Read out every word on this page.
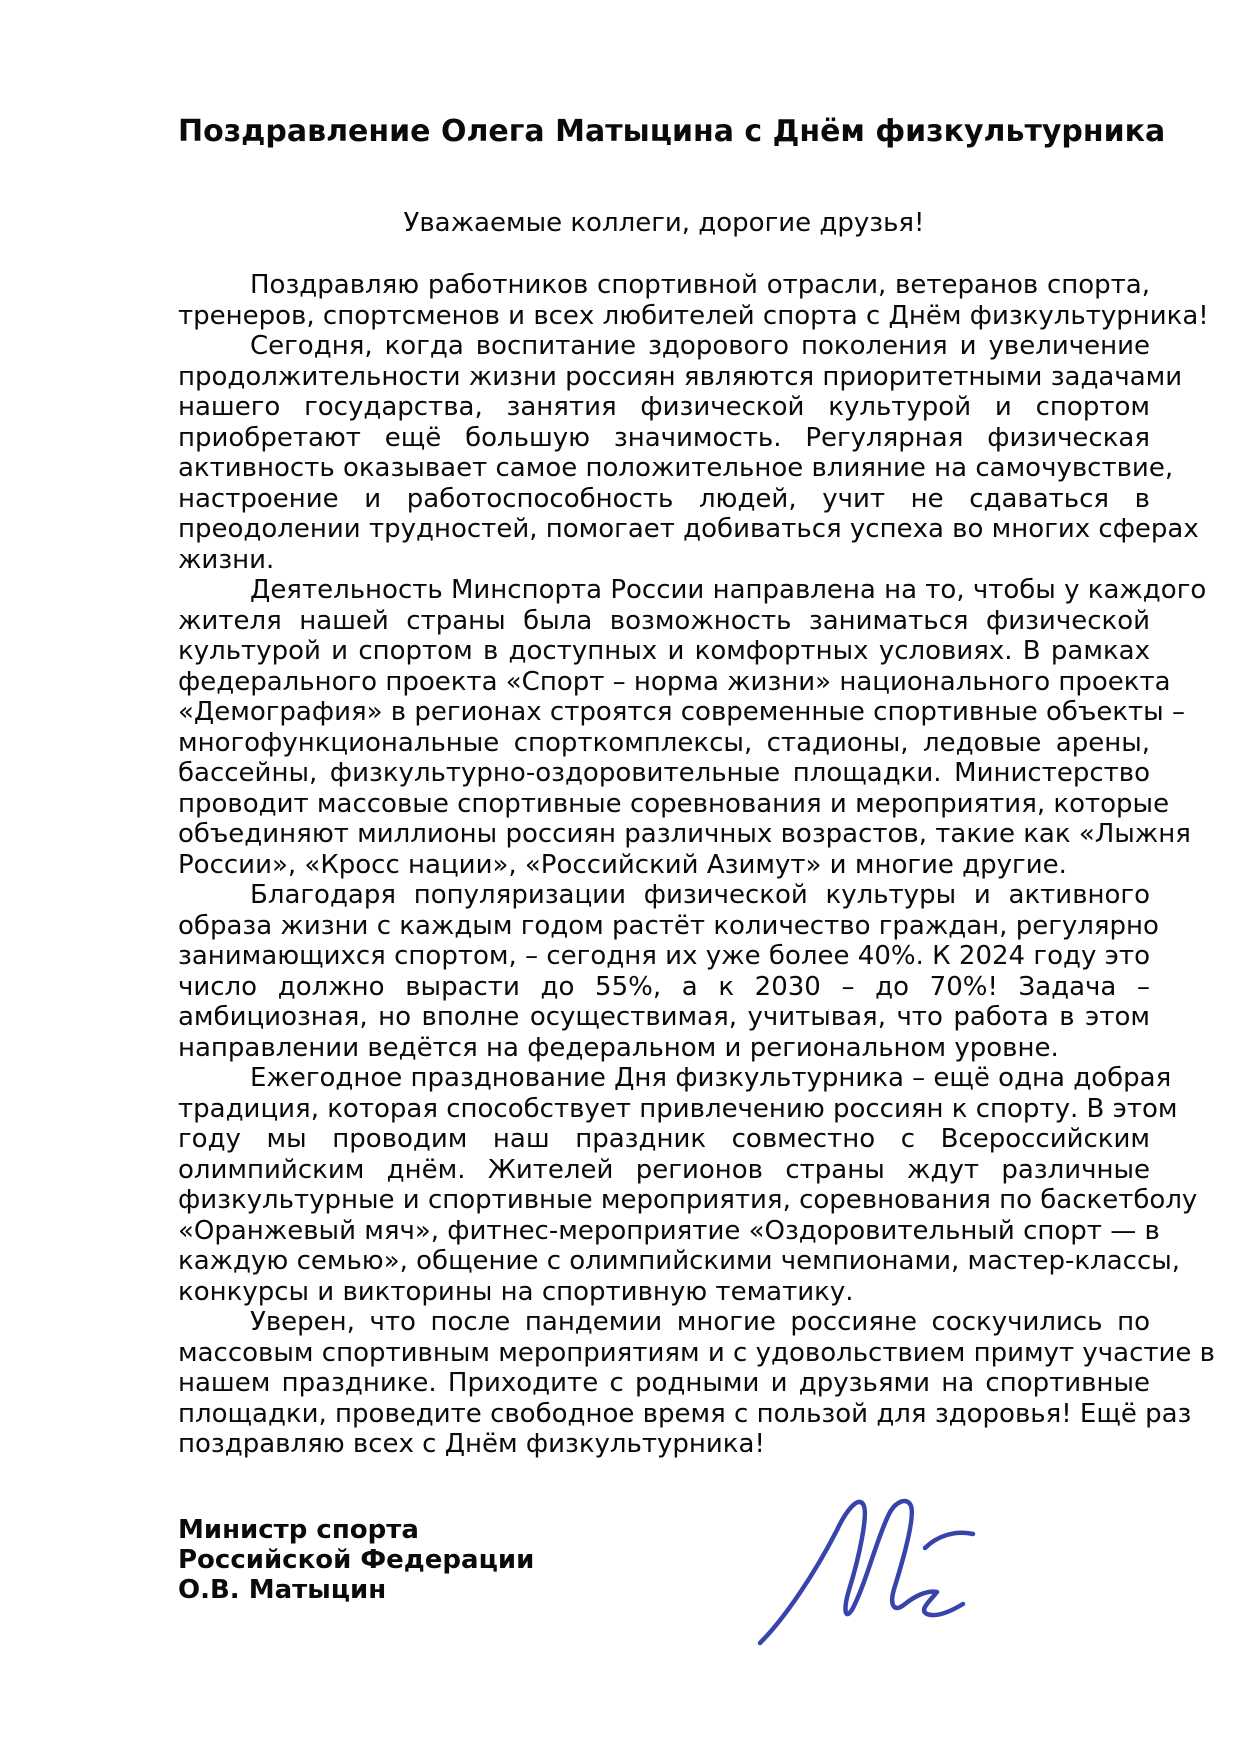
Поздравление Олега Матыцина с Днём физкультурника
Уважаемые коллеги, дорогие друзья!
Поздравляю работников спортивной отрасли, ветеранов спорта,
тренеров, спортсменов и всех любителей спорта с Днём физкультурника!
Сегодня, когда воспитание здорового поколения и увеличение
продолжительности жизни россиян являются приоритетными задачами
нашего государства, занятия физической культурой и спортом
приобретают ещё большую значимость. Регулярная физическая
активность оказывает самое положительное влияние на самочувствие,
настроение и работоспособность людей, учит не сдаваться в
преодолении трудностей, помогает добиваться успеха во многих сферах
жизни.
Деятельность Минспорта России направлена на то, чтобы у каждого
жителя нашей страны была возможность заниматься физической
культурой и спортом в доступных и комфортных условиях. В рамках
федерального проекта «Спорт – норма жизни» национального проекта
«Демография» в регионах строятся современные спортивные объекты –
многофункциональные спорткомплексы, стадионы, ледовые арены,
бассейны, физкультурно-оздоровительные площадки. Министерство
проводит массовые спортивные соревнования и мероприятия, которые
объединяют миллионы россиян различных возрастов, такие как «Лыжня
России», «Кросс нации», «Российский Азимут» и многие другие.
Благодаря популяризации физической культуры и активного
образа жизни с каждым годом растёт количество граждан, регулярно
занимающихся спортом, – сегодня их уже более 40%. К 2024 году это
число должно вырасти до 55%, а к 2030 – до 70%! Задача –
амбициозная, но вполне осуществимая, учитывая, что работа в этом
направлении ведётся на федеральном и региональном уровне.
Ежегодное празднование Дня физкультурника – ещё одна добрая
традиция, которая способствует привлечению россиян к спорту. В этом
году мы проводим наш праздник совместно с Всероссийским
олимпийским днём. Жителей регионов страны ждут различные
физкультурные и спортивные мероприятия, соревнования по баскетболу
«Оранжевый мяч», фитнес-мероприятие «Оздоровительный спорт — в
каждую семью», общение с олимпийскими чемпионами, мастер-классы,
конкурсы и викторины на спортивную тематику.
Уверен, что после пандемии многие россияне соскучились по
массовым спортивным мероприятиям и с удовольствием примут участие в
нашем празднике. Приходите с родными и друзьями на спортивные
площадки, проведите свободное время с пользой для здоровья! Ещё раз
поздравляю всех с Днём физкультурника!
Министр спорта
Российской Федерации
О.В. Матыцин
